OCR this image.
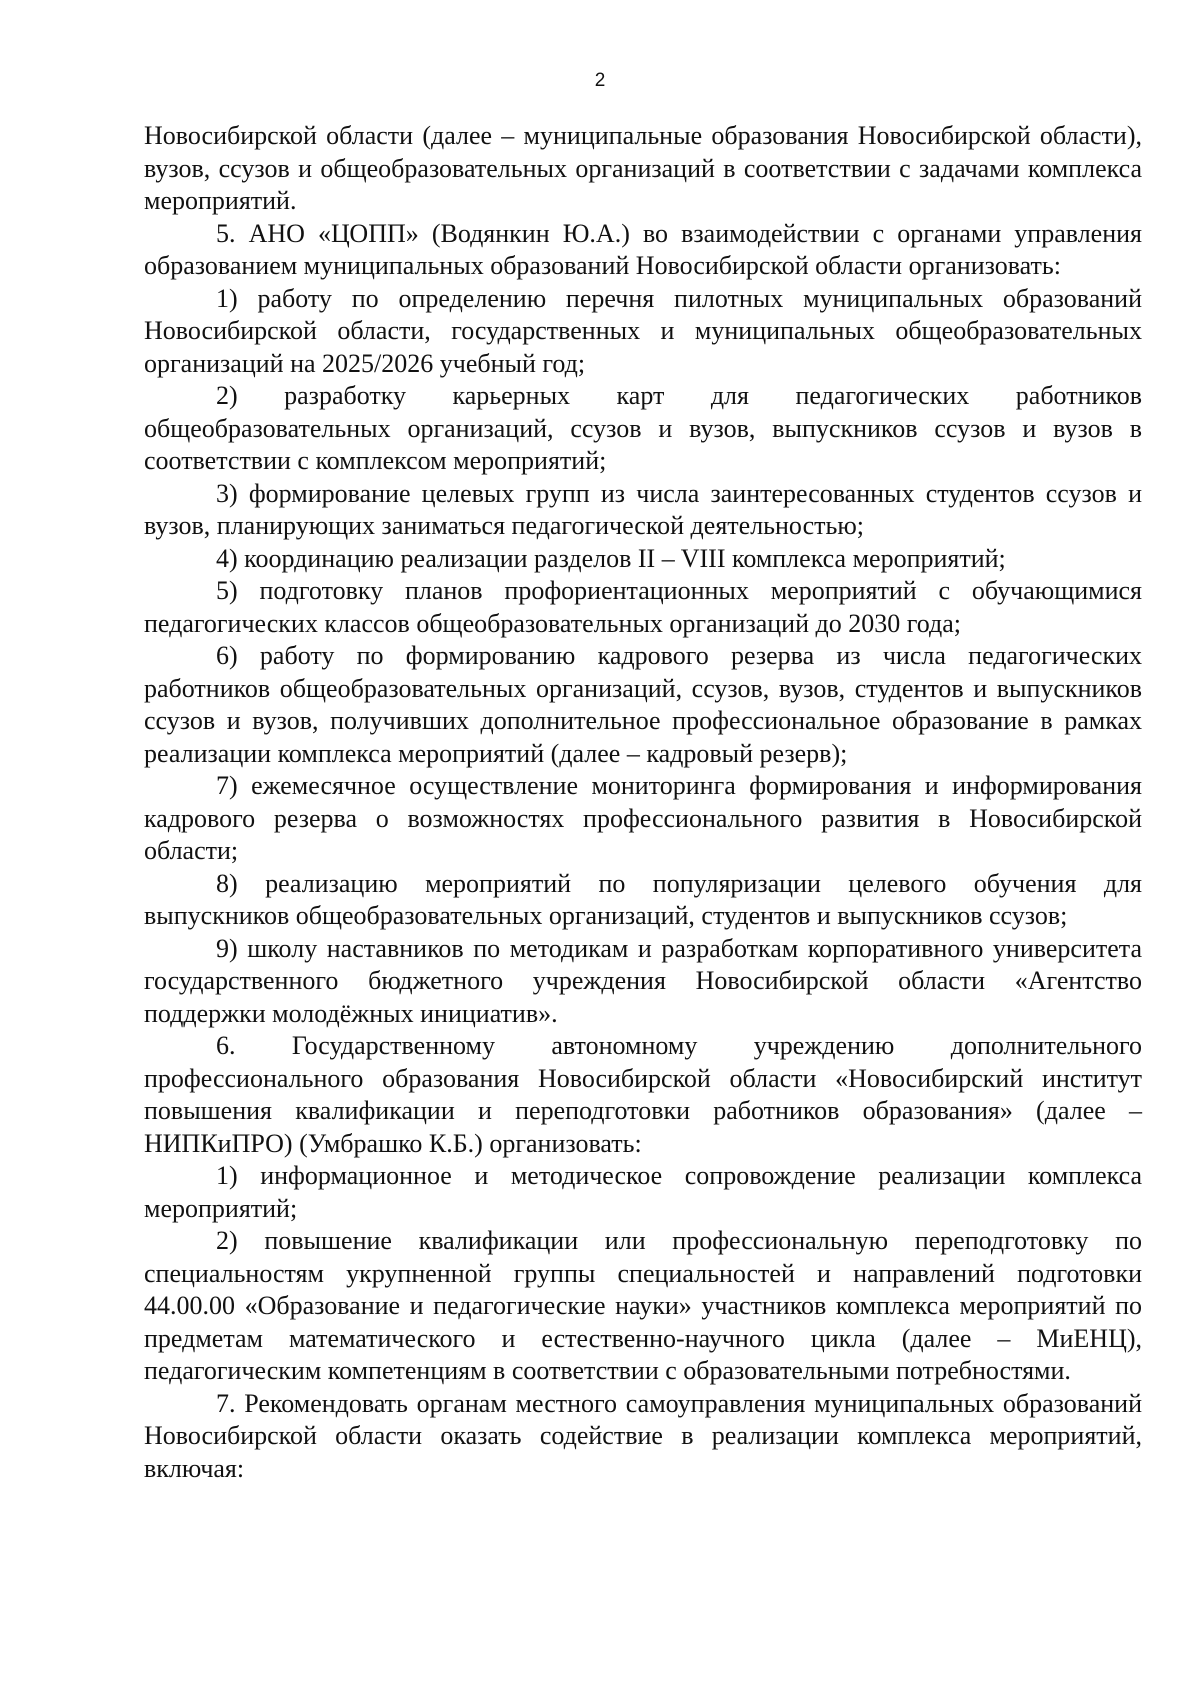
2

Новосибирской области (далее – муниципальные образования Новосибирской области), вузов, ссузов и общеобразовательных организаций в соответствии с задачами комплекса мероприятий.

5. АНО «ЦОПП» (Водянкин Ю.А.) во взаимодействии с органами управления образованием муниципальных образований Новосибирской области организовать:

1) работу по определению перечня пилотных муниципальных образований Новосибирской области, государственных и муниципальных общеобразовательных организаций на 2025/2026 учебный год;

2) разработку карьерных карт для педагогических работников общеобразовательных организаций, ссузов и вузов, выпускников ссузов и вузов в соответствии с комплексом мероприятий;

3) формирование целевых групп из числа заинтересованных студентов ссузов и вузов, планирующих заниматься педагогической деятельностью;

4) координацию реализации разделов II – VIII комплекса мероприятий;

5) подготовку планов профориентационных мероприятий с обучающимися педагогических классов общеобразовательных организаций до 2030 года;

6) работу по формированию кадрового резерва из числа педагогических работников общеобразовательных организаций, ссузов, вузов, студентов и выпускников ссузов и вузов, получивших дополнительное профессиональное образование в рамках реализации комплекса мероприятий (далее – кадровый резерв);

7) ежемесячное осуществление мониторинга формирования и информирования кадрового резерва о возможностях профессионального развития в Новосибирской области;

8) реализацию мероприятий по популяризации целевого обучения для выпускников общеобразовательных организаций, студентов и выпускников ссузов;

9) школу наставников по методикам и разработкам корпоративного университета государственного бюджетного учреждения Новосибирской области «Агентство поддержки молодёжных инициатив».

6. Государственному автономному учреждению дополнительного профессионального образования Новосибирской области «Новосибирский институт повышения квалификации и переподготовки работников образования» (далее – НИПКиПРО) (Умбрашко К.Б.) организовать:

1) информационное и методическое сопровождение реализации комплекса мероприятий;

2) повышение квалификации или профессиональную переподготовку по специальностям укрупненной группы специальностей и направлений подготовки 44.00.00 «Образование и педагогические науки» участников комплекса мероприятий по предметам математического и естественно-научного цикла (далее – МиЕНЦ), педагогическим компетенциям в соответствии с образовательными потребностями.

7. Рекомендовать органам местного самоуправления муниципальных образований Новосибирской области оказать содействие в реализации комплекса мероприятий, включая:
